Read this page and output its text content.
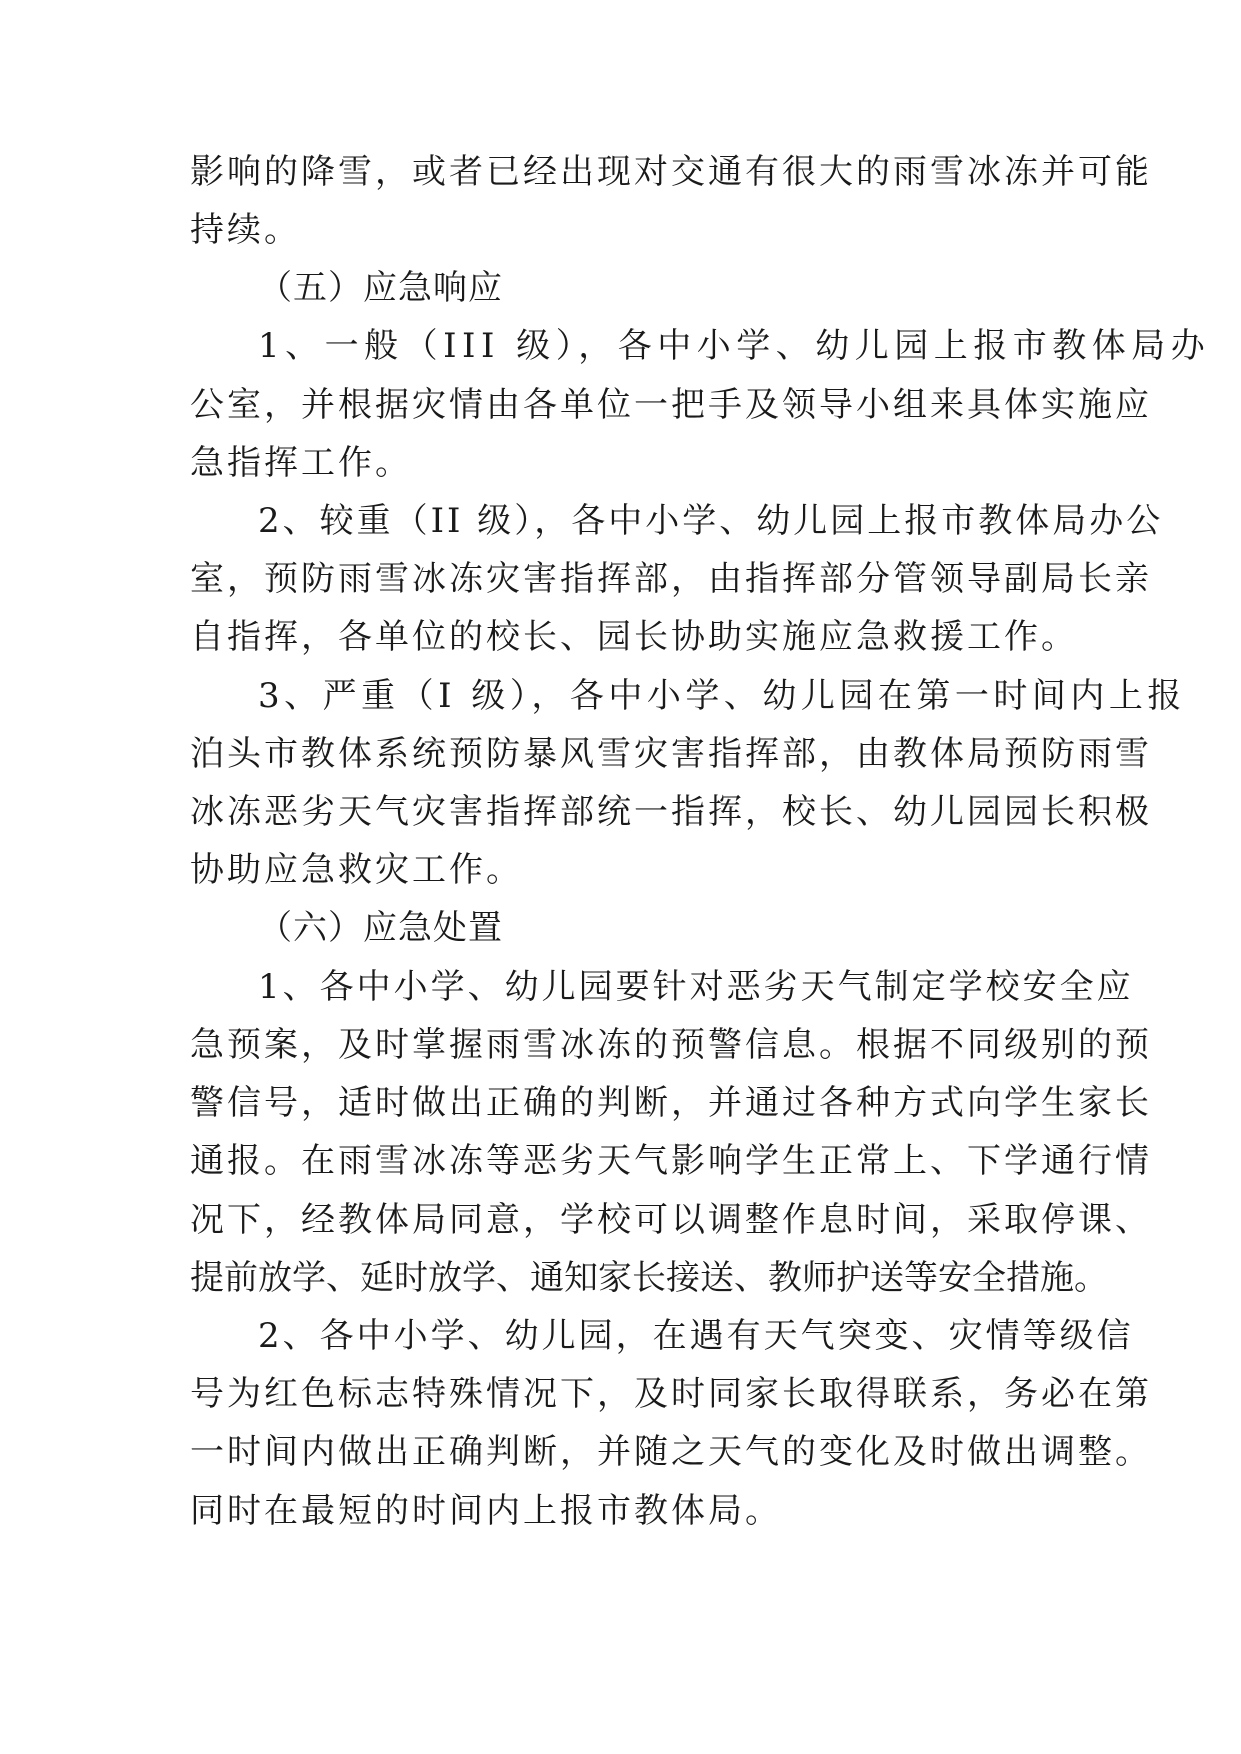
影响的降雪，或者已经出现对交通有很大的雨雪冰冻并可能
持续。
（五）应急响应
1、一般（III 级），各中小学、幼儿园上报市教体局办
公室，并根据灾情由各单位一把手及领导小组来具体实施应
急指挥工作。
2、较重（II 级），各中小学、幼儿园上报市教体局办公
室，预防雨雪冰冻灾害指挥部，由指挥部分管领导副局长亲
自指挥，各单位的校长、园长协助实施应急救援工作。
3、严重（I 级），各中小学、幼儿园在第一时间内上报
泊头市教体系统预防暴风雪灾害指挥部，由教体局预防雨雪
冰冻恶劣天气灾害指挥部统一指挥，校长、幼儿园园长积极
协助应急救灾工作。
（六）应急处置
1、各中小学、幼儿园要针对恶劣天气制定学校安全应
急预案，及时掌握雨雪冰冻的预警信息。根据不同级别的预
警信号，适时做出正确的判断，并通过各种方式向学生家长
通报。在雨雪冰冻等恶劣天气影响学生正常上、下学通行情
况下，经教体局同意，学校可以调整作息时间，采取停课、
提前放学、延时放学、通知家长接送、教师护送等安全措施。
2、各中小学、幼儿园，在遇有天气突变、灾情等级信
号为红色标志特殊情况下，及时同家长取得联系，务必在第
一时间内做出正确判断，并随之天气的变化及时做出调整。
同时在最短的时间内上报市教体局。
